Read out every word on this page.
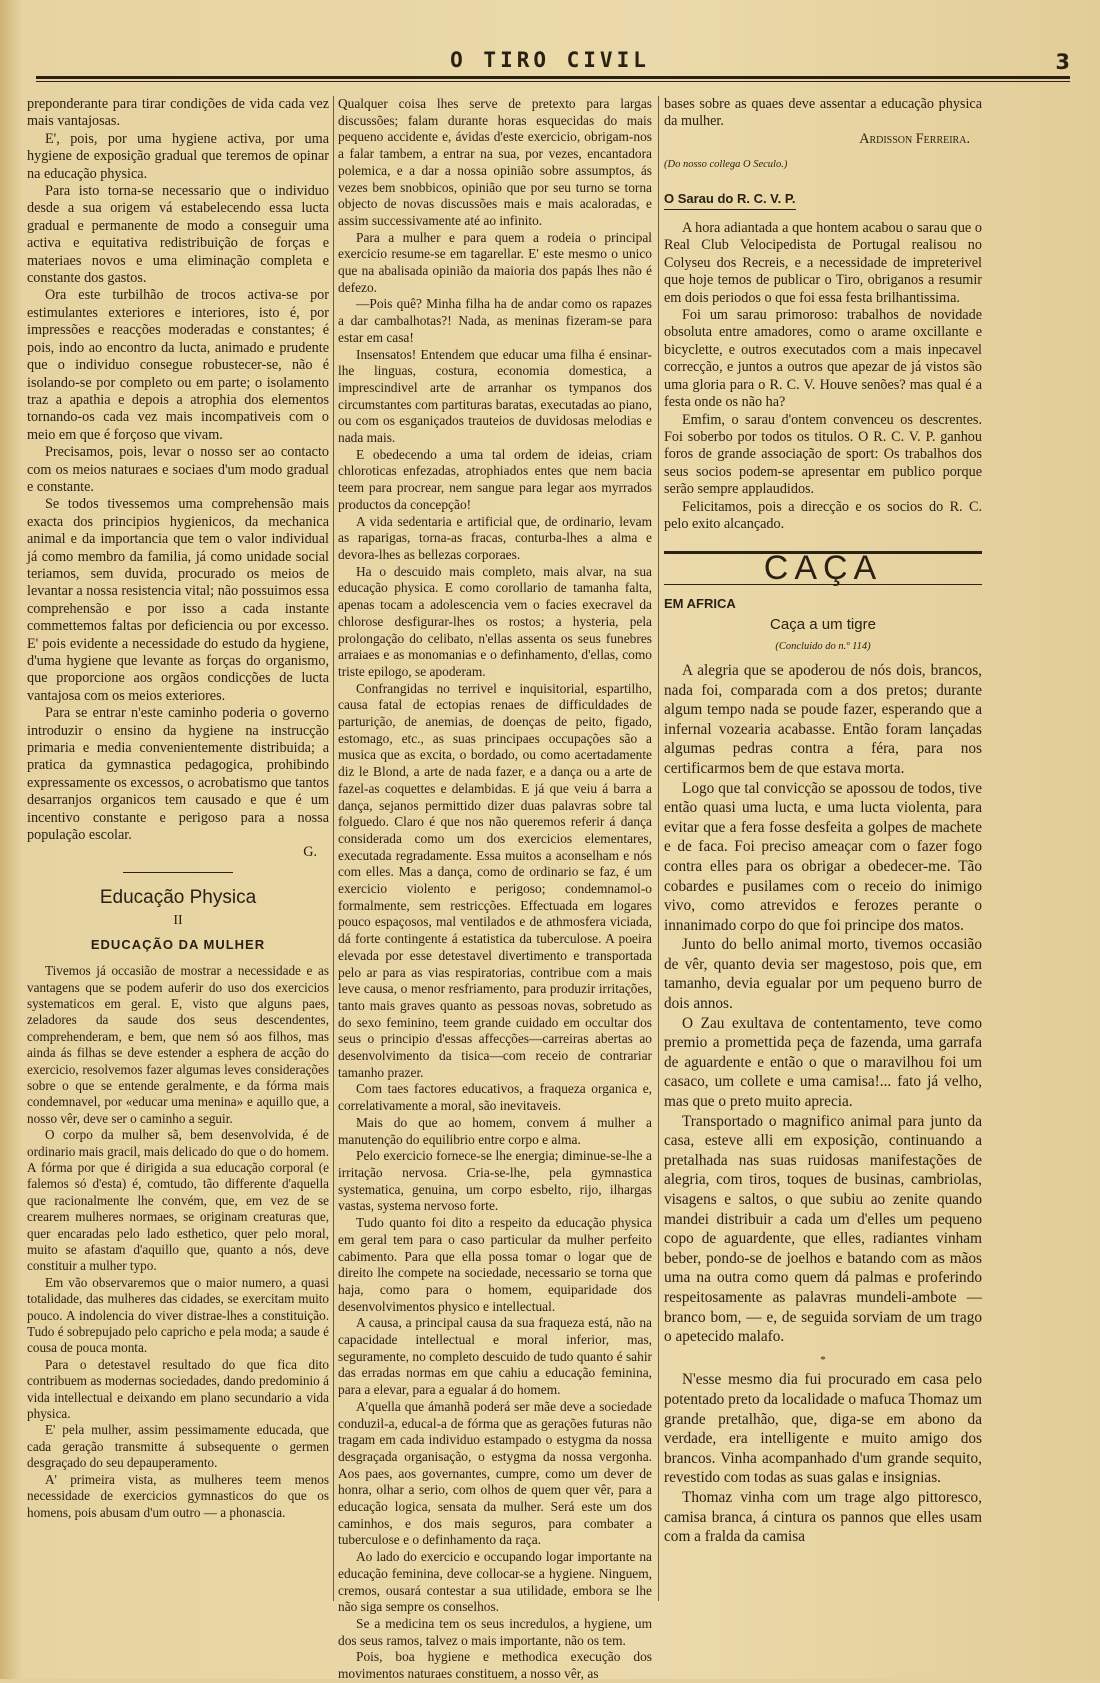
O TIRO CIVIL	3

preponderante para tirar condições de vida cada vez mais vantajosas.

E', pois, por uma hygiene activa, por uma hygiene de exposição gradual que teremos de opinar na educação physica.

Para isto torna-se necessario que o individuo desde a sua origem vá estabelecendo essa lucta gradual e permanente de modo a conseguir uma activa e equitativa redistribuição de forças e materiaes novos e uma eliminação completa e constante dos gastos.

Ora este turbilhão de trocos activa-se por estimulantes exteriores e interiores, isto é, por impressões e reacções moderadas e constantes; é pois, indo ao encontro da lucta, animado e prudente que o individuo consegue robustecer-se, não é isolando-se por completo ou em parte; o isolamento traz a apathia e depois a atrophia dos elementos tornando-os cada vez mais incompativeis com o meio em que é forçoso que vivam.

Precisamos, pois, levar o nosso ser ao contacto com os meios naturaes e sociaes d'um modo gradual e constante.

Se todos tivessemos uma comprehensão mais exacta dos principios hygienicos, da mechanica animal e da importancia que tem o valor individual já como membro da familia, já como unidade social teriamos, sem duvida, procurado os meios de levantar a nossa resistencia vital; não possuimos essa comprehensão e por isso a cada instante commettemos faltas por deficiencia ou por excesso. E' pois evidente a necessidade do estudo da hygiene, d'uma hygiene que levante as forças do organismo, que proporcione aos orgãos condicções de lucta vantajosa com os meios exteriores.

Para se entrar n'este caminho poderia o governo introduzir o ensino da hygiene na instrucção primaria e media convenientemente distribuida; a pratica da gymnastica pedagogica, prohibindo expressamente os excessos, o acrobatismo que tantos desarranjos organicos tem causado e que é um incentivo constante e perigoso para a nossa população escolar.

G.
Educação Physica
II
EDUCAÇÃO DA MULHER

Tivemos já occasião de mostrar a necessidade e as vantagens que se podem auferir do uso dos exercicios systematicos em geral. E, visto que alguns paes, zeladores da saude dos seus descendentes, comprehenderam, e bem, que nem só aos filhos, mas ainda ás filhas se deve estender a esphera de acção do exercicio, resolvemos fazer algumas leves considerações sobre o que se entende geralmente, e da fórma mais condemnavel, por «educar uma menina» e aquillo que, a nosso vêr, deve ser o caminho a seguir.

O corpo da mulher sã, bem desenvolvida, é de ordinario mais gracil, mais delicado do que o do homem. A fórma por que é dirigida a sua educação corporal (e falemos só d'esta) é, comtudo, tão differente d'aquella que racionalmente lhe convém, que, em vez de se crearem mulheres normaes, se originam creaturas que, quer encaradas pelo lado esthetico, quer pelo moral, muito se afastam d'aquillo que, quanto a nós, deve constituir a mulher typo.

Em vão observaremos que o maior numero, a quasi totalidade, das mulheres das cidades, se exercitam muito pouco. A indolencia do viver distrae-lhes a constituição. Tudo é sobrepujado pelo capricho e pela moda; a saude é cousa de pouca monta.

Para o detestavel resultado do que fica dito contribuem as modernas sociedades, dando predominio á vida intellectual e deixando em plano secundario a vida physica.

E' pela mulher, assim pessimamente educada, que cada geração transmitte á subsequente o germen desgraçado do seu depauperamento.

A' primeira vista, as mulheres teem menos necessidade de exercicios gymnasticos do que os homens, pois abusam d'um outro — a phonascia.

Qualquer coisa lhes serve de pretexto para largas discussões; falam durante horas esquecidas do mais pequeno accidente e, ávidas d'este exercicio, obrigam-nos a falar tambem, a entrar na sua, por vezes, encantadora polemica, e a dar a nossa opinião sobre assumptos, ás vezes bem snobbicos, opinião que por seu turno se torna objecto de novas discussões mais e mais acaloradas, e assim successivamente até ao infinito.

Para a mulher e para quem a rodeia o principal exercicio resume-se em tagarellar. E' este mesmo o unico que na abalisada opinião da maioria dos papás lhes não é defezo.

—Pois quê? Minha filha ha de andar como os rapazes a dar cambalhotas?! Nada, as meninas fizeram-se para estar em casa!

Insensatos! Entendem que educar uma filha é ensinar-lhe linguas, costura, economia domestica, a imprescindivel arte de arranhar os tympanos dos circumstantes com partituras baratas, executadas ao piano, ou com os esganiçados trauteios de duvidosas melodias e nada mais.

E obedecendo a uma tal ordem de ideias, criam chloroticas enfezadas, atrophiados entes que nem bacia teem para procrear, nem sangue para legar aos myrrados productos da concepção!

A vida sedentaria e artificial que, de ordinario, levam as raparigas, torna-as fracas, conturba-lhes a alma e devora-lhes as bellezas corporaes.

Ha o descuido mais completo, mais alvar, na sua educação physica. E como corollario de tamanha falta, apenas tocam a adolescencia vem o facies execravel da chlorose desfigurar-lhes os rostos; a hysteria, pela prolongação do celibato, n'ellas assenta os seus funebres arraiaes e as monomanias e o definhamento, d'ellas, como triste epilogo, se apoderam.

Confrangidas no terrivel e inquisitorial, espartilho, causa fatal de ectopias renaes de difficuldades de parturição, de anemias, de doenças de peito, figado, estomago, etc., as suas principaes occupações são a musica que as excita, o bordado, ou como acertadamente diz le Blond, a arte de nada fazer, e a dança ou a arte de fazel-as coquettes e delambidas. E já que veiu á barra a dança, sejanos permittido dizer duas palavras sobre tal folguedo. Claro é que nos não queremos referir á dança considerada como um dos exercicios elementares, executada regradamente. Essa muitos a aconselham e nós com elles. Mas a dança, como de ordinario se faz, é um exercicio violento e perigoso; condemnamol-o formalmente, sem restricções. Effectuada em logares pouco espaçosos, mal ventilados e de athmosfera viciada, dá forte contingente á estatistica da tuberculose. A poeira elevada por esse detestavel divertimento e transportada pelo ar para as vias respiratorias, contribue com a mais leve causa, o menor resfriamento, para produzir irritações, tanto mais graves quanto as pessoas novas, sobretudo as do sexo feminino, teem grande cuidado em occultar dos seus o principio d'essas affecções—carreiras abertas ao desenvolvimento da tisica—com receio de contrariar tamanho prazer.

Com taes factores educativos, a fraqueza organica e, correlativamente a moral, são inevitaveis.

Mais do que ao homem, convem á mulher a manutenção do equilibrio entre corpo e alma.

Pelo exercicio fornece-se lhe energia; diminue-se-lhe a irritação nervosa. Cria-se-lhe, pela gymnastica systematica, genuina, um corpo esbelto, rijo, ilhargas vastas, systema nervoso forte.

Tudo quanto foi dito a respeito da educação physica em geral tem para o caso particular da mulher perfeito cabimento. Para que ella possa tomar o logar que de direito lhe compete na sociedade, necessario se torna que haja, como para o homem, equiparidade dos desenvolvimentos physico e intellectual.

A causa, a principal causa da sua fraqueza está, não na capacidade intellectual e moral inferior, mas, seguramente, no completo descuido de tudo quanto é sahir das erradas normas em que cahiu a educação feminina, para a elevar, para a egualar á do homem.

A'quella que ámanhã poderá ser mãe deve a sociedade conduzil-a, educal-a de fórma que as gerações futuras não tragam em cada individuo estampado o estygma da nossa desgraçada organisação, o estygma da nossa vergonha. Aos paes, aos governantes, cumpre, como um dever de honra, olhar a serio, com olhos de quem quer vêr, para a educação logica, sensata da mulher. Será este um dos caminhos, e dos mais seguros, para combater a tuberculose e o definhamento da raça.

Ao lado do exercicio e occupando logar importante na educação feminina, deve collocar-se a hygiene. Ninguem, cremos, ousará contestar a sua utilidade, embora se lhe não siga sempre os conselhos.

Se a medicina tem os seus incredulos, a hygiene, um dos seus ramos, talvez o mais importante, não os tem.

Pois, boa hygiene e methodica execução dos movimentos naturaes constituem, a nosso vêr, as

bases sobre as quaes deve assentar a educação physica da mulher.

Ardisson Ferreira.
(Do nosso collega O Seculo.)
O Sarau do R. C. V. P.

A hora adiantada a que hontem acabou o sarau que o Real Club Velocipedista de Portugal realisou no Colyseu dos Recreis, e a necessidade de impreterivel que hoje temos de publicar o Tiro, obriganos a resumir em dois periodos o que foi essa festa brilhantissima.

Foi um sarau primoroso: trabalhos de novidade obsoluta entre amadores, como o arame oxcillante e bicyclette, e outros executados com a mais inpecavel correcção, e juntos a outros que apezar de já vistos são uma gloria para o R. C. V. Houve senões? mas qual é a festa onde os não ha?

Emfim, o sarau d'ontem convenceu os descrentes. Foi soberbo por todos os titulos. O R. C. V. P. ganhou foros de grande associação de sport: Os trabalhos dos seus socios podem-se apresentar em publico porque serão sempre applaudidos.

Felicitamos, pois a direcção e os socios do R. C. pelo exito alcançado.

CAÇA
EM AFRICA
Caça a um tigre
(Concluido do n.º 114)

A alegria que se apoderou de nós dois, brancos, nada foi, comparada com a dos pretos; durante algum tempo nada se poude fazer, esperando que a infernal vozearia acabasse. Então foram lançadas algumas pedras contra a féra, para nos certificarmos bem de que estava morta.

Logo que tal convicção se apossou de todos, tive então quasi uma lucta, e uma lucta violenta, para evitar que a fera fosse desfeita a golpes de machete e de faca. Foi preciso ameaçar com o fazer fogo contra elles para os obrigar a obedecer-me. Tão cobardes e pusilames com o receio do inimigo vivo, como atrevidos e ferozes perante o innanimado corpo do que foi principe dos matos.

Junto do bello animal morto, tivemos occasião de vêr, quanto devia ser magestoso, pois que, em tamanho, devia egualar por um pequeno burro de dois annos.

O Zau exultava de contentamento, teve como premio a promettida peça de fazenda, uma garrafa de aguardente e então o que o maravilhou foi um casaco, um collete e uma camisa!... fato já velho, mas que o preto muito aprecia.

Transportado o magnifico animal para junto da casa, esteve alli em exposição, continuando a pretalhada nas suas ruidosas manifestações de alegria, com tiros, toques de businas, cambriolas, visagens e saltos, o que subiu ao zenite quando mandei distribuir a cada um d'elles um pequeno copo de aguardente, que elles, radiantes vinham beber, pondo-se de joelhos e batando com as mãos uma na outra como quem dá palmas e proferindo respeitosamente as palavras mundeli-ambote — branco bom, — e, de seguida sorviam de um trago o apetecido malafo.

*

N'esse mesmo dia fui procurado em casa pelo potentado preto da localidade o mafuca Thomaz um grande pretalhão, que, diga-se em abono da verdade, era intelligente e muito amigo dos brancos. Vinha acompanhado d'um grande sequito, revestido com todas as suas galas e insignias.

Thomaz vinha com um trage algo pittoresco, camisa branca, á cintura os pannos que elles usam com a fralda da camisa
